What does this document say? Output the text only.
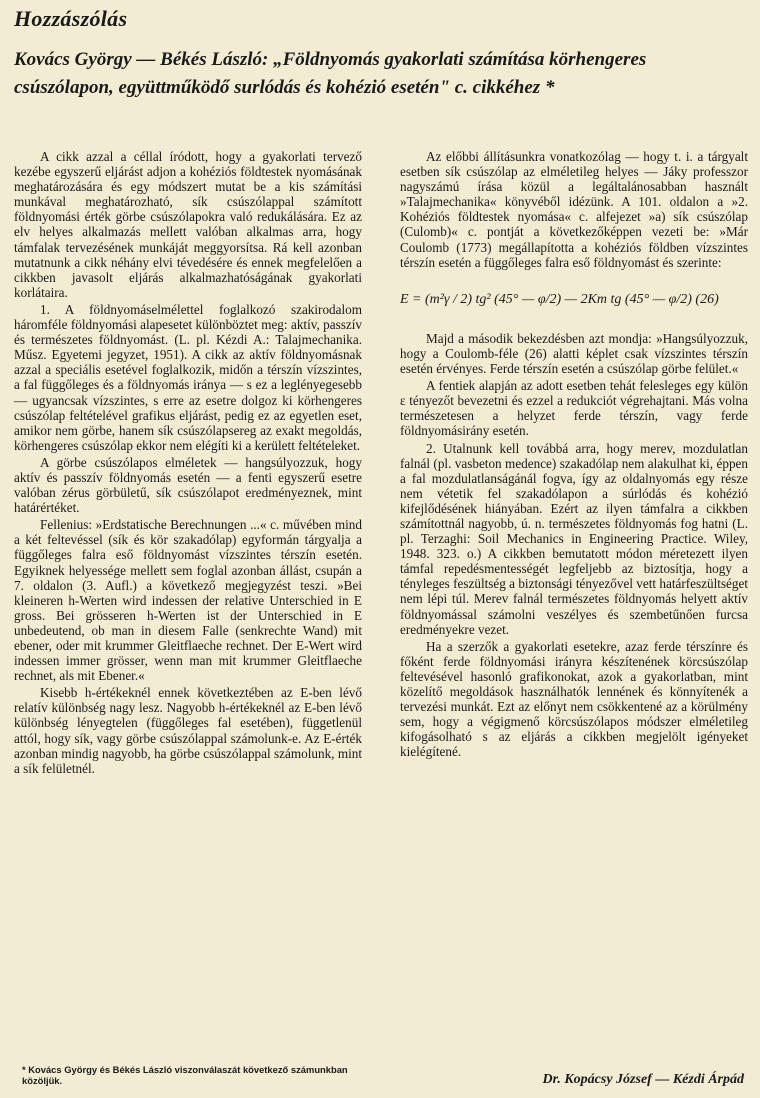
Hozzászólás
Kovács György — Békés László: „Földnyomás gyakorlati számítása körhengeres csúszólapon, együttműködő surlódás és kohézió esetén" c. cikkéhez *

A cikk azzal a céllal íródott, hogy a gyakorlati tervező kezébe egyszerű eljárást adjon a kohéziós földtestek nyomásának meghatározására és egy módszert mutat be a kis számítási munkával meghatározható, sík csúszólappal számított földnyomási érték görbe csúszólapokra való redukálására. Ez az elv helyes alkalmazás mellett valóban alkalmas arra, hogy támfalak tervezésének munkáját meggyorsítsa. Rá kell azonban mutatnunk a cikk néhány elvi tévedésére és ennek megfelelően a cikkben javasolt eljárás alkalmazhatóságának gyakorlati korlátaira.

1. A földnyomáselmélettel foglalkozó szakirodalom háromféle földnyomási alapesetet különböztet meg: aktív, passzív és természetes földnyomást. (L. pl. Kézdi A.: Talajmechanika. Műsz. Egyetemi jegyzet, 1951). A cikk az aktív földnyomásnak azzal a speciális esetével foglalkozik, midőn a térszín vízszintes, a fal függőleges és a földnyomás iránya — s ez a leglényegesebb — ugyancsak vízszintes, s erre az esetre dolgoz ki körhengeres csúszólap feltételével grafikus eljárást, pedig ez az egyetlen eset, amikor nem görbe, hanem sík csúszólapsereg az exakt megoldás, körhengeres csúszólap ekkor nem elégíti ki a kerülett feltételeket.

A görbe csúszólapos elméletek — hangsúlyozzuk, hogy aktív és passzív földnyomás esetén — a fenti egyszerű esetre valóban zérus görbületű, sík csúszólapot eredményeznek, mint határértéket.

Fellenius: »Erdstatische Berechnungen ...« c. művében mind a két feltevéssel (sík és kör szakadólap) egyformán tárgyalja a függőleges falra eső földnyomást vízszintes térszín esetén. Egyiknek helyessége mellett sem foglal azonban állást, csupán a 7. oldalon (3. Aufl.) a következő megjegyzést teszi. »Bei kleineren h-Werten wird indessen der relative Unterschied in E gross. Bei grösseren h-Werten ist der Unterschied in E unbedeutend, ob man in diesem Falle (senkrechte Wand) mit ebener, oder mit krummer Gleitflaeche rechnet. Der E-Wert wird indessen immer grösser, wenn man mit krummer Gleitflaeche rechnet, als mit Ebener.«

Kisebb h-értékeknél ennek következtében az E-ben lévő relatív különbség nagy lesz. Nagyobb h-értékeknél az E-ben lévő különbség lényegtelen (függőleges fal esetében), függetlenül attól, hogy sík, vagy görbe csúszólappal számolunk-e. Az E-érték azonban mindig nagyobb, ha görbe csúszólappal számolunk, mint a sík felületnél.

Az előbbi állításunkra vonatkozólag — hogy t. i. a tárgyalt esetben sík csúszólap az elméletileg helyes — Jáky professzor nagyszámú írása közül a legáltalánosabban használt »Talajmechanika« könyvéből idézünk. A 101. oldalon a »2. Kohéziós földtestek nyomása« c. alfejezet »a) sík csúszólap (Culomb)« c. pontját a következőképpen vezeti be: »Már Coulomb (1773) megállapította a kohéziós földben vízszintes térszín esetén a függőleges falra eső földnyomást és szerinte:

E = (m²γ / 2) tg² (45° — φ/2) — 2Km tg (45° — φ/2) (26)

Majd a második bekezdésben azt mondja: »Hangsúlyozzuk, hogy a Coulomb-féle (26) alatti képlet csak vízszintes térszín esetén érvényes. Ferde térszín esetén a csúszólap görbe felület.«

A fentiek alapján az adott esetben tehát felesleges egy külön ε tényezőt bevezetni és ezzel a redukciót végrehajtani. Más volna természetesen a helyzet ferde térszín, vagy ferde földnyomásirány esetén.

2. Utalnunk kell továbbá arra, hogy merev, mozdulatlan falnál (pl. vasbeton medence) szakadólap nem alakulhat ki, éppen a fal mozdulatlanságánál fogva, így az oldalnyomás egy része nem vétetik fel szakadólapon a súrlódás és kohézió kifejlődésének hiányában. Ezért az ilyen támfalra a cikkben számítottnál nagyobb, ú. n. természetes földnyomás fog hatni (L. pl. Terzaghi: Soil Mechanics in Engineering Practice. Wiley, 1948. 323. o.) A cikkben bemutatott módon méretezett ilyen támfal repedésmentességét legfeljebb az biztosítja, hogy a tényleges feszültség a biztonsági tényezővel vett határfeszültséget nem lépi túl. Merev falnál természetes földnyomás helyett aktív földnyomással számolni veszélyes és szembetűnően furcsa eredményekre vezet.

Ha a szerzők a gyakorlati esetekre, azaz ferde térszínre és főként ferde földnyomási irányra készítenének körcsúszólap feltevésével hasonló grafikonokat, azok a gyakorlatban, mint közelítő megoldások használhatók lennének és könnyítenék a tervezési munkát. Ezt az előnyt nem csökkentené az a körülmény sem, hogy a végigmenő körcsúszólapos módszer elméletileg kifogásolható s az eljárás a cikkben megjelölt igényeket kielégítené.

* Kovács György és Békés László viszonválaszát következő számunkban közöljük.	Dr. Kopácsy József — Kézdi Árpád
